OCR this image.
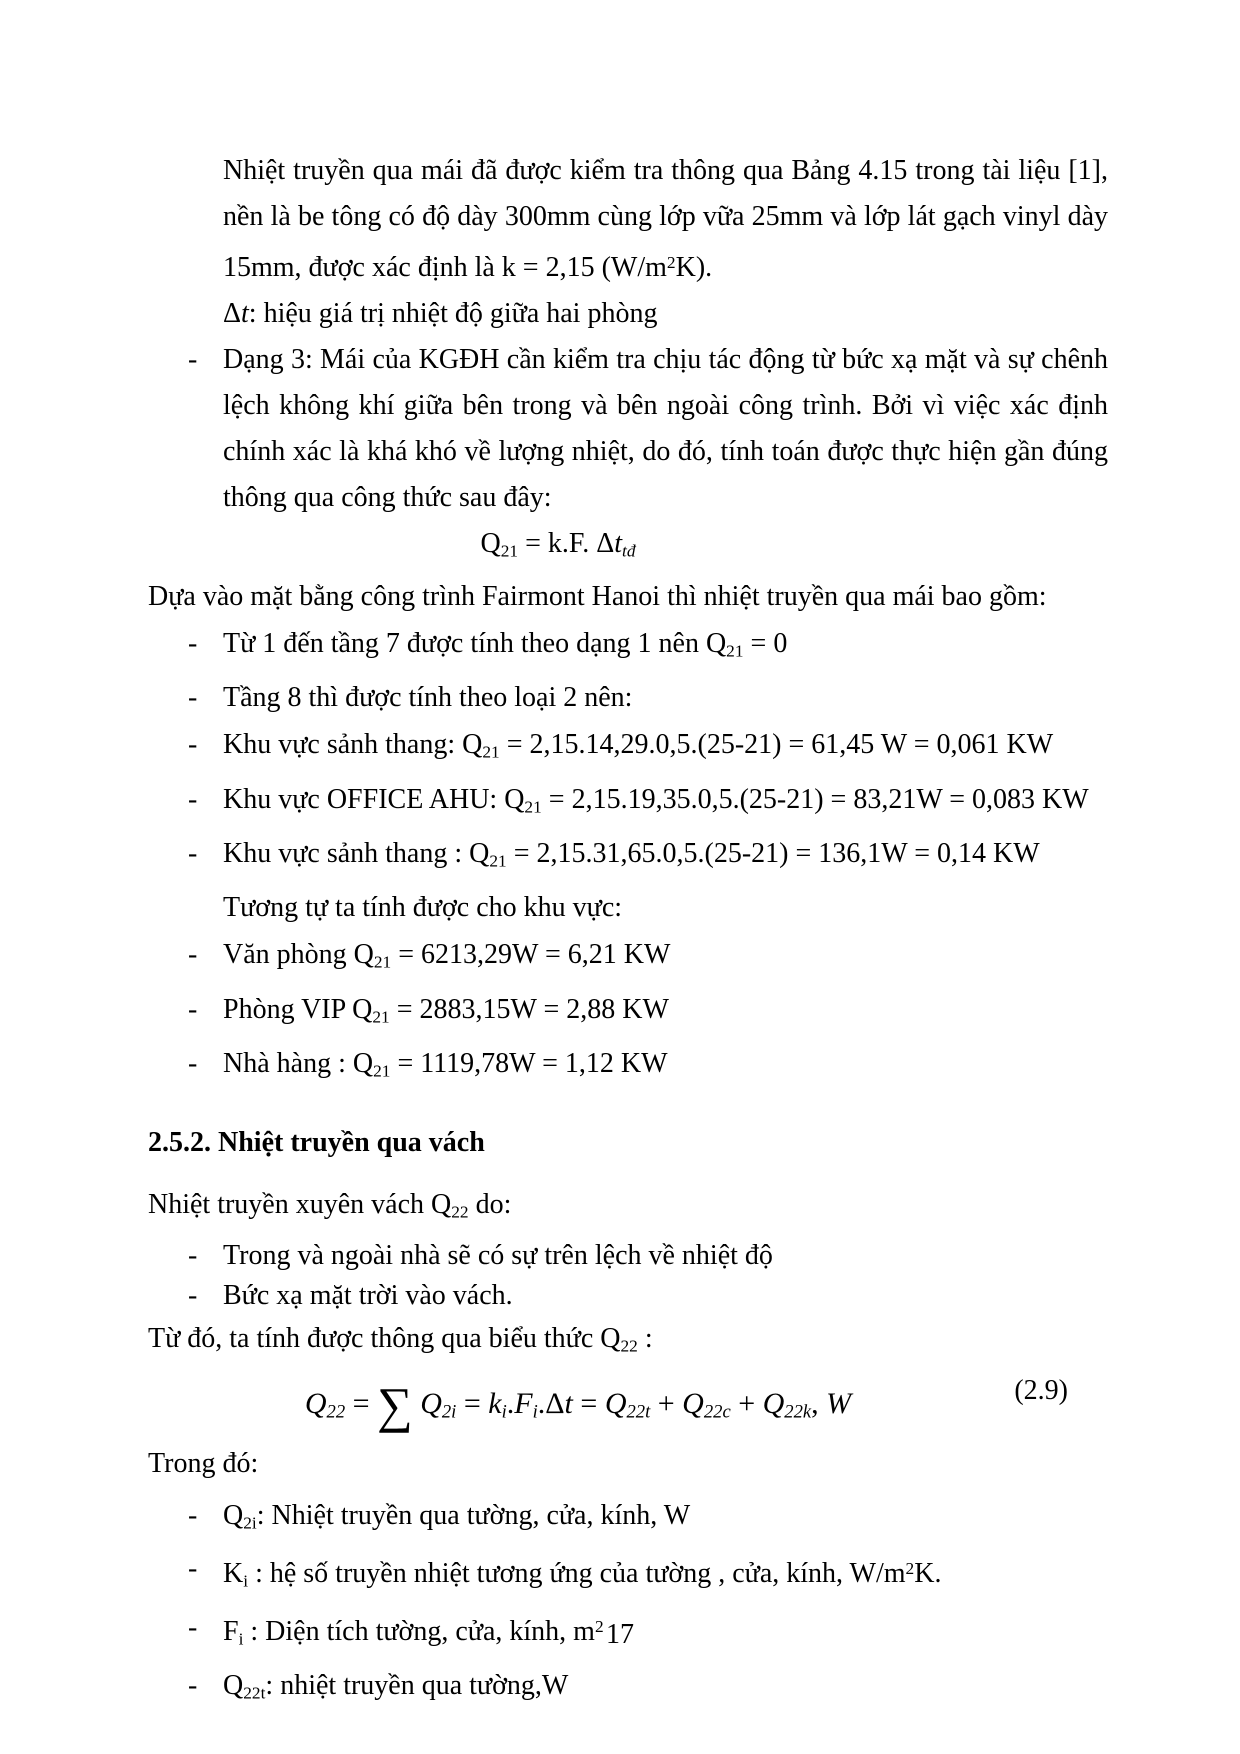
Nhiệt truyền qua mái đã được kiểm tra thông qua Bảng 4.15 trong tài liệu [1], nền là be tông có độ dày 300mm cùng lớp vữa 25mm và lớp lát gạch vinyl dày 15mm, được xác định là k = 2,15 $(W/m^2K)$.
Δt: hiệu giá trị nhiệt độ giữa hai phòng
- Dạng 3: Mái của KGĐH cần kiểm tra chịu tác động từ bức xạ mặt và sự chênh lệch không khí giữa bên trong và bên ngoài công trình. Bởi vì việc xác định chính xác là khá khó về lượng nhiệt, do đó, tính toán được thực hiện gần đúng thông qua công thức sau đây:
Q21 = k.F. Δttđ
Dựa vào mặt bằng công trình Fairmont Hanoi thì nhiệt truyền qua mái bao gồm:
- Từ 1 đến tầng 7 được tính theo dạng 1 nên Q21 = 0
- Tầng 8 thì được tính theo loại 2 nên:
- Khu vực sảnh thang: Q21 = 2,15.14,29.0,5.(25-21) = 61,45 W = 0,061 KW
- Khu vực OFFICE AHU: Q21 = 2,15.19,35.0,5.(25-21) = 83,21W = 0,083 KW
- Khu vực sảnh thang : Q21 = 2,15.31,65.0,5.(25-21) = 136,1W = 0,14 KW
Tương tự ta tính được cho khu vực:
- Văn phòng Q21 = 6213,29W = 6,21 KW
- Phòng VIP Q21 = 2883,15W = 2,88 KW
- Nhà hàng : Q21 = 1119,78W = 1,12 KW
2.5.2. Nhiệt truyền qua vách
Nhiệt truyền xuyên vách Q22 do:
- Trong và ngoài nhà sẽ có sự trên lệch về nhiệt độ
- Bức xạ mặt trời vào vách.
Từ đó, ta tính được thông qua biểu thức Q22 :
Q22 = ∑ Q2i = ki.Fi.Δt = Q22t + Q22c + Q22k, W	(2.9)
Trong đó:
- Q2i: Nhiệt truyền qua tường, cửa, kính, W
- Ki : hệ số truyền nhiệt tương ứng của tường , cửa, kính, $W/m^2K$.
- Fi : Diện tích tường, cửa, kính, $m^2$
- Q22t: nhiệt truyền qua tường,W
17
